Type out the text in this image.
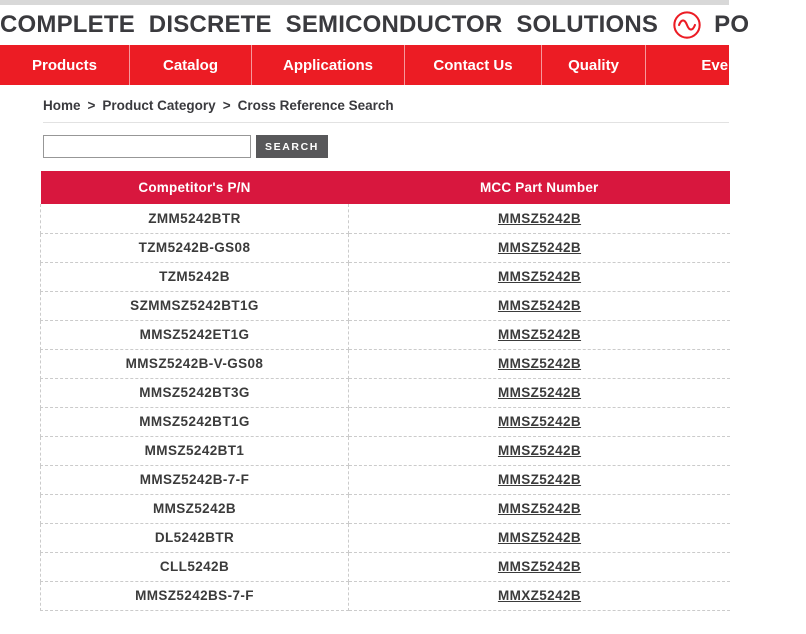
COMPLETE DISCRETE SEMICONDUCTOR SOLUTIONS PO
Products	Catalog	Applications	Contact Us	Quality	Events
Home > Product Category > Cross Reference Search
SEARCH
Competitor's P/N	MCC Part Number
ZMM5242BTR	MMSZ5242B
TZM5242B-GS08	MMSZ5242B
TZM5242B	MMSZ5242B
SZMMSZ5242BT1G	MMSZ5242B
MMSZ5242ET1G	MMSZ5242B
MMSZ5242B-V-GS08	MMSZ5242B
MMSZ5242BT3G	MMSZ5242B
MMSZ5242BT1G	MMSZ5242B
MMSZ5242BT1	MMSZ5242B
MMSZ5242B-7-F	MMSZ5242B
MMSZ5242B	MMSZ5242B
DL5242BTR	MMSZ5242B
CLL5242B	MMSZ5242B
MMSZ5242BS-7-F	MMXZ5242B
